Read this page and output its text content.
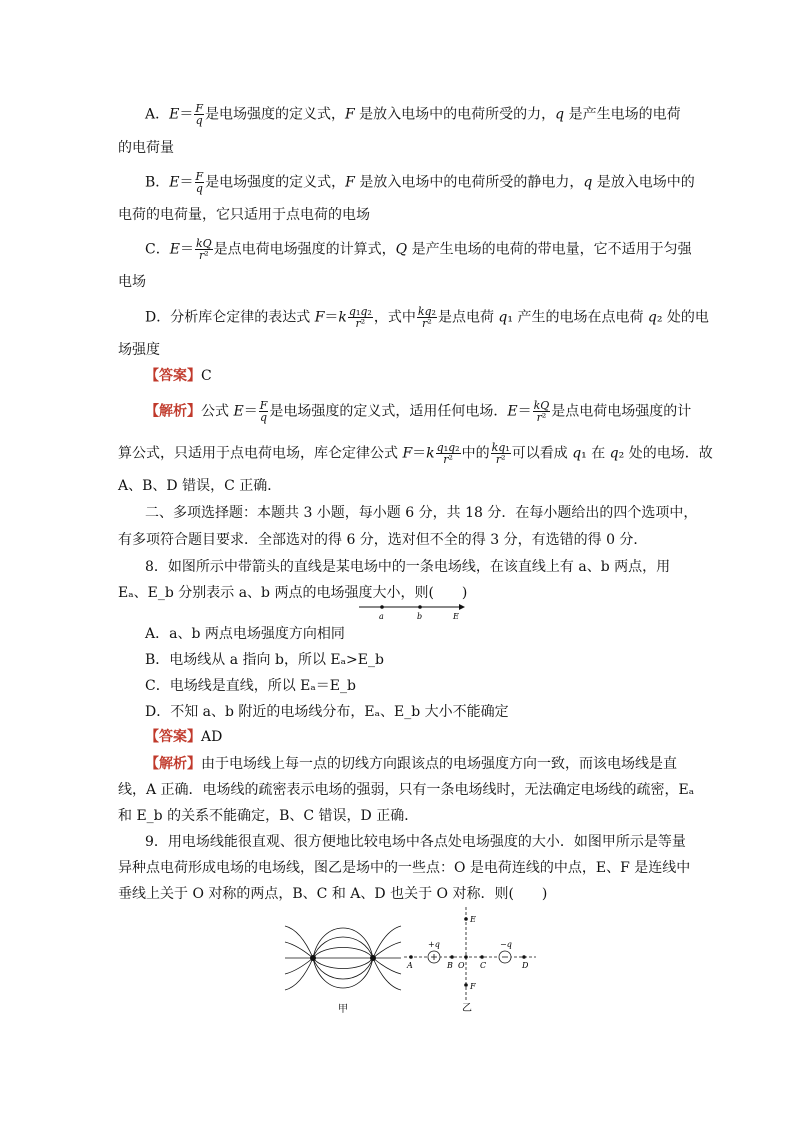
A．$E= \frac{F}{q}$ 是电场强度的定义式，F 是放入电场中的电荷所受的力，q 是产生电场的电荷
的电荷量
B．$E= \frac{F}{q}$ 是电场强度的定义式，F 是放入电场中的电荷所受的静电力，q 是放入电场中的
电荷的电荷量，它只适用于点电荷的电场
C．$E= \frac{kQ}{\text{r²}}$ 是点电荷电场强度的计算式，Q 是产生电场的电荷的带电量，它不适用于匀强
电场
D．分析库仑定律的表达式 $F=k \frac{\text{q₁q₂}}{\text{r²}}$ ，式中 $\frac{\text{kq₂}}{\text{r²}}$ 是点电荷 q₁ 产生的电场在点电荷 q₂ 处的电
场强度
【答案】C
【解析】公式 $E= \frac{F}{q}$ 是电场强度的定义式，适用任何电场．$E= \frac{kQ}{\text{r²}}$ 是点电荷电场强度的计
算公式，只适用于点电荷电场，库仑定律公式 $F=k \frac{\text{q₁q₂}}{\text{r²}}$ 中的 $\frac{\text{kq₁}}{\text{r²}}$ 可以看成 q₁ 在 q₂ 处的电场．故
A、B、D 错误，C 正确．
二、多项选择题：本题共 3 小题，每小题 6 分，共 18 分．在每小题给出的四个选项中，
有多项符合题目要求．全部选对的得 6 分，选对但不全的得 3 分，有选错的得 0 分．
8．如图所示中带箭头的直线是某电场中的一条电场线，在该直线上有 a、b 两点，用
Eₐ、E_b 分别表示 a、b 两点的电场强度大小，则(　　)
a	b	E
A．a、b 两点电场强度方向相同
B．电场线从 a 指向 b，所以 Eₐ>E_b
C．电场线是直线，所以 Eₐ＝E_b
D．不知 a、b 附近的电场线分布，Eₐ、E_b 大小不能确定
【答案】AD
【解析】由于电场线上每一点的切线方向跟该点的电场强度方向一致，而该电场线是直
线，A 正确．电场线的疏密表示电场的强弱，只有一条电场线时，无法确定电场线的疏密，Eₐ
和 E_b 的关系不能确定，B、C 错误，D 正确．
9．用电场线能很直观、很方便地比较电场中各点处电场强度的大小．如图甲所示是等量
异种点电荷形成电场的电场线，图乙是场中的一些点：O 是电荷连线的中点，E、F 是连线中
垂线上关于 O 对称的两点，B、C 和 A、D 也关于 O 对称．则(　　)
甲
A
+q
B O C
−q
D
E
F
乙
